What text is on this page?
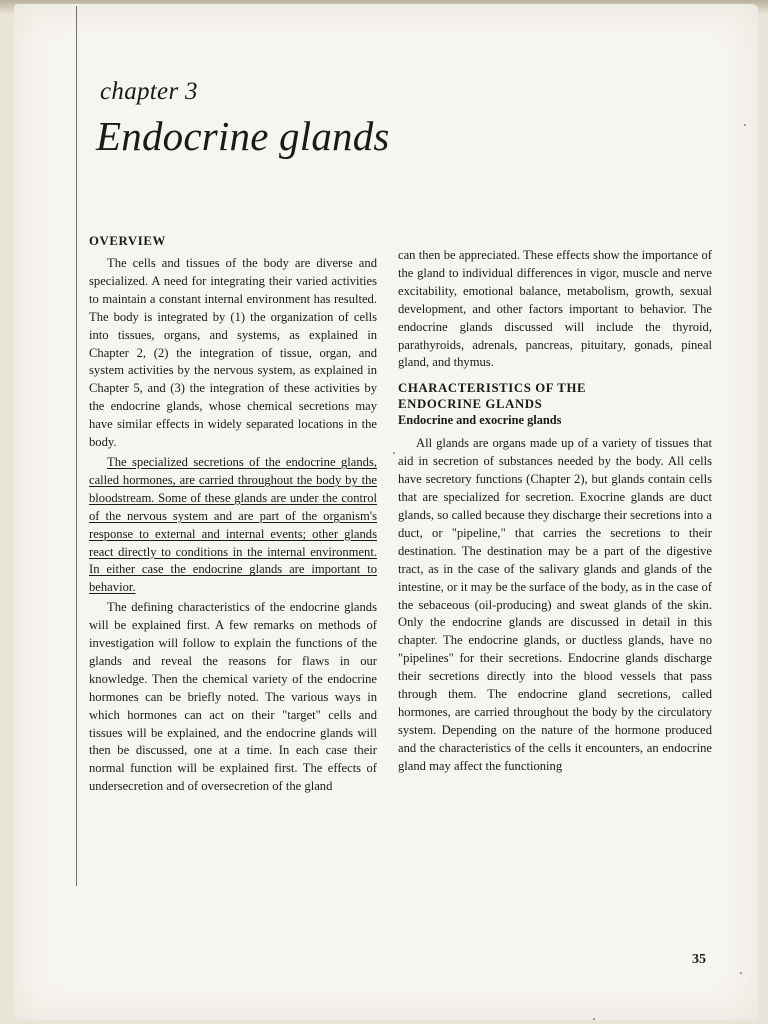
chapter 3
Endocrine glands
OVERVIEW

The cells and tissues of the body are diverse and specialized. A need for integrating their varied activities to maintain a constant internal environment has resulted. The body is integrated by (1) the organization of cells into tissues, organs, and systems, as explained in Chapter 2, (2) the integration of tissue, organ, and system activities by the nervous system, as explained in Chapter 5, and (3) the integration of these activities by the endocrine glands, whose chemical secretions may have similar effects in widely separated locations in the body.

The specialized secretions of the endocrine glands, called hormones, are carried throughout the body by the bloodstream. Some of these glands are under the control of the nervous system and are part of the organism's response to external and internal events; other glands react directly to conditions in the internal environment. In either case the endocrine glands are important to behavior.

The defining characteristics of the endocrine glands will be explained first. A few remarks on methods of investigation will follow to explain the functions of the glands and reveal the reasons for flaws in our knowledge. Then the chemical variety of the endocrine hormones can be briefly noted. The various ways in which hormones can act on their "target" cells and tissues will be explained, and the endocrine glands will then be discussed, one at a time. In each case their normal function will be explained first. The effects of undersecretion and of oversecretion of the gland

can then be appreciated. These effects show the importance of the gland to individual differences in vigor, muscle and nerve excitability, emotional balance, metabolism, growth, sexual development, and other factors important to behavior. The endocrine glands discussed will include the thyroid, parathyroids, adrenals, pancreas, pituitary, gonads, pineal gland, and thymus.

CHARACTERISTICS OF THE
ENDOCRINE GLANDS
Endocrine and exocrine glands

All glands are organs made up of a variety of tissues that aid in secretion of substances needed by the body. All cells have secretory functions (Chapter 2), but glands contain cells that are specialized for secretion. Exocrine glands are duct glands, so called because they discharge their secretions into a duct, or "pipeline," that carries the secretions to their destination. The destination may be a part of the digestive tract, as in the case of the salivary glands and glands of the intestine, or it may be the surface of the body, as in the case of the sebaceous (oil-producing) and sweat glands of the skin. Only the endocrine glands are discussed in detail in this chapter. The endocrine glands, or ductless glands, have no "pipelines" for their secretions. Endocrine glands discharge their secretions directly into the blood vessels that pass through them. The endocrine gland secretions, called hormones, are carried throughout the body by the circulatory system. Depending on the nature of the hormone produced and the characteristics of the cells it encounters, an endocrine gland may affect the functioning

35
